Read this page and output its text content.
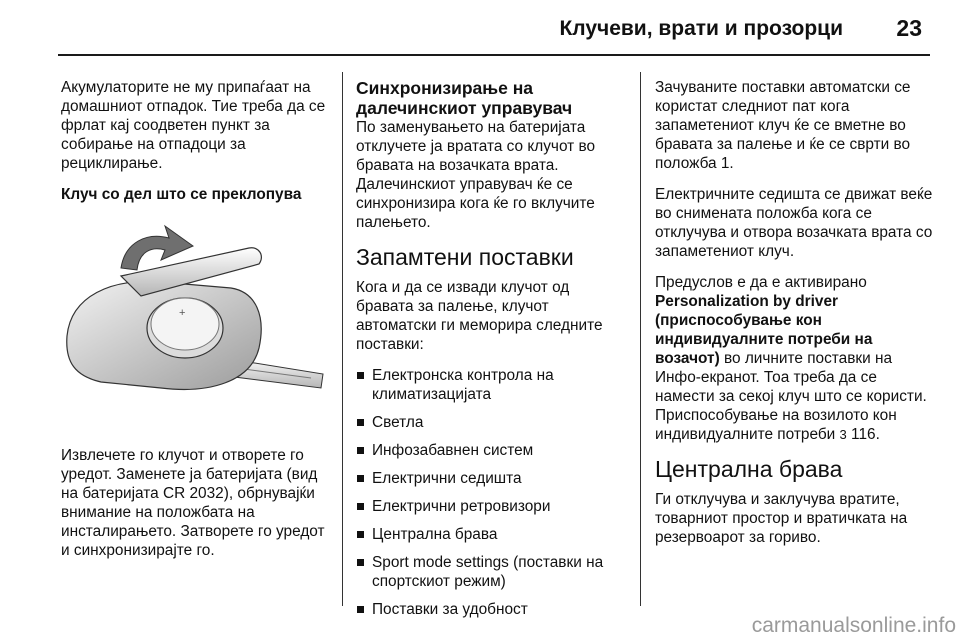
Клучеви, врати и прозорци 23

Акумулаторите не му припаѓаат на домашниот отпадок. Тие треба да се фрлат кај соодветен пункт за собирање на отпадоци за рециклирање.

Клуч со дел што се преклопува
+

Извлечете го клучот и отворете го уредот. Заменете ја батеријата (вид на батеријата CR 2032), обрнувајќи внимание на положбата на инсталирањето. Затворете го уредот и синхронизирајте го.

Синхронизирање на далечинскиот управувач

По заменувањето на батеријата отклучете ја вратата со клучот во бравата на возачката врата. Далечинскиот управувач ќе се синхронизира кога ќе го вклучите палењето.

Запамтени поставки

Кога и да се извади клучот од бравата за палење, клучот автоматски ги меморира следните поставки:

Електронска контрола на климатизацијата
Светла
Инфозабавнен систем
Електрични седишта
Електрични ретровизори
Централна брава
Sport mode settings (поставки на спортскиот режим)
Поставки за удобност

Зачуваните поставки автоматски се користат следниот пат кога запаметениот клуч ќе се вметне во бравата за палење и ќе се сврти во положба 1.

Електричните седишта се движат веќе во снимената положба кога се отклучува и отвора возачката врата со запаметениот клуч.

Предуслов е да е активирано Personalization by driver (приспособување кон индивидуалните потреби на возачот) во личните поставки на Инфо-екранот. Тоа треба да се намести за секој клуч што се користи. Приспособување на возилото кон индивидуалните потреби 3 116.

Централна брава

Ги отклучува и заклучува вратите, товарниот простор и вратичката на резервоарот за гориво.

carmanualsonline.info
